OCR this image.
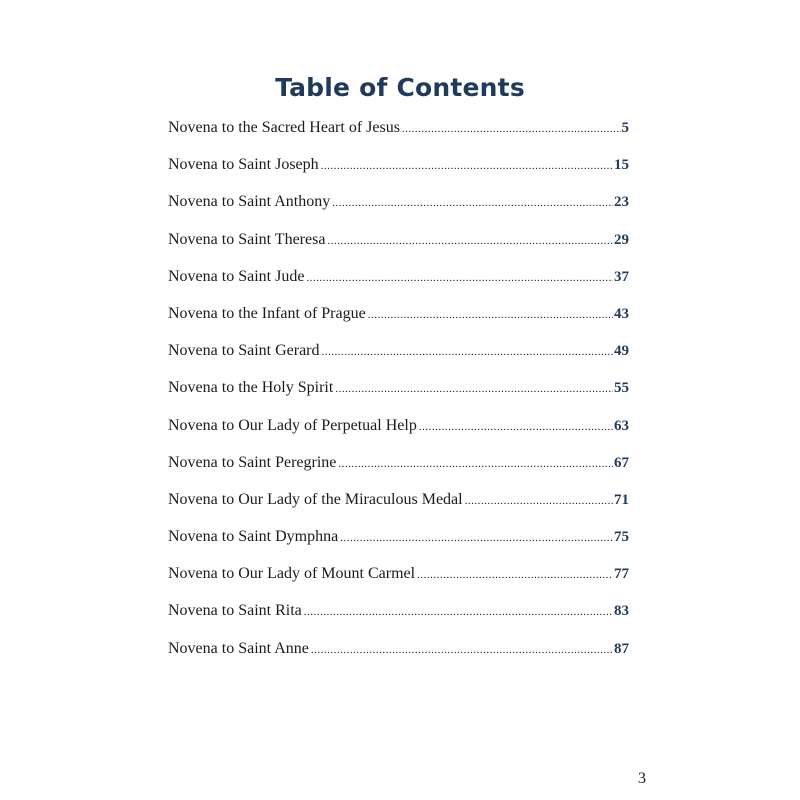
Table of Contents
Novena to the Sacred Heart of Jesus .....	5
Novena to Saint Joseph .....	15
Novena to Saint Anthony .....	23
Novena to Saint Theresa .....	29
Novena to Saint Jude .....	37
Novena to the Infant of Prague .....	43
Novena to Saint Gerard .....	49
Novena to the Holy Spirit .....	55
Novena to Our Lady of Perpetual Help .....	63
Novena to Saint Peregrine .....	67
Novena to Our Lady of the Miraculous Medal .....	71
Novena to Saint Dymphna .....	75
Novena to Our Lady of Mount Carmel .....	77
Novena to Saint Rita .....	83
Novena to Saint Anne .....	87
3
